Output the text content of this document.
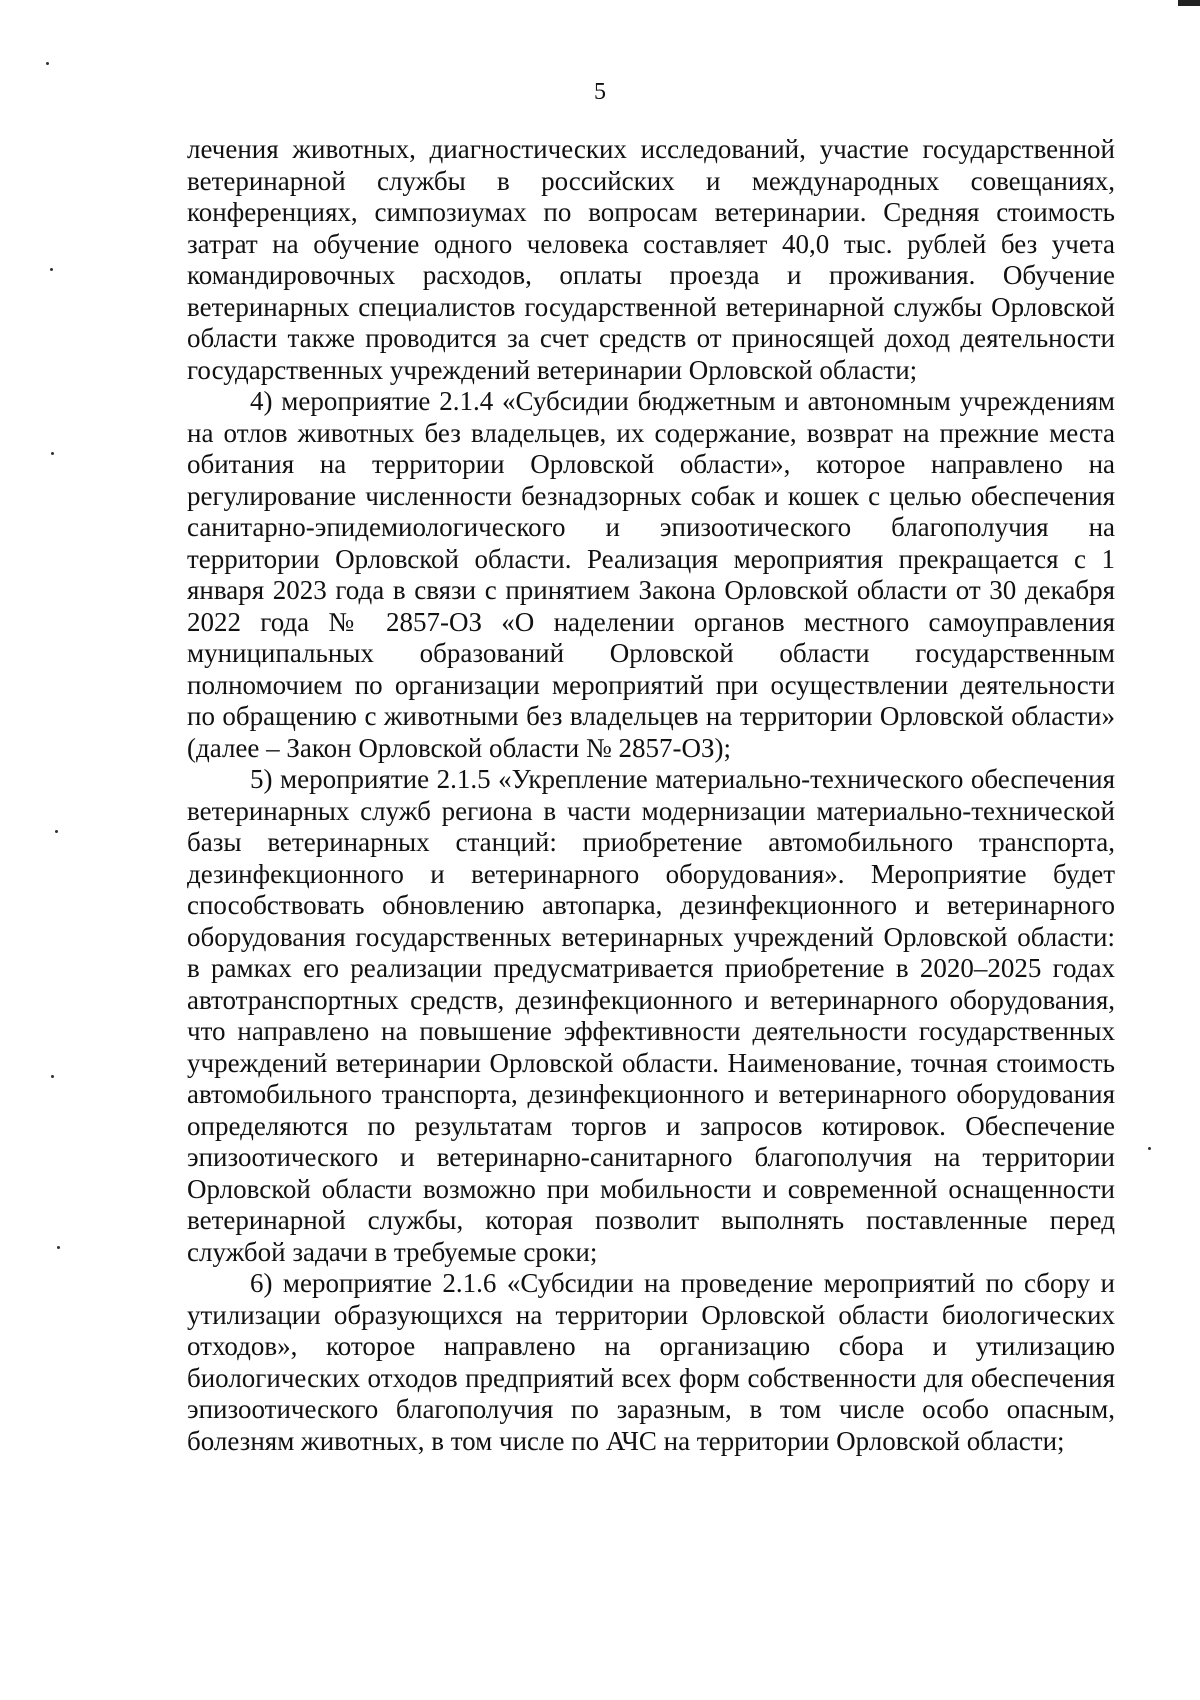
5

лечения животных, диагностических исследований, участие государственной ветеринарной службы в российских и международных совещаниях, конференциях, симпозиумах по вопросам ветеринарии. Средняя стоимость затрат на обучение одного человека составляет 40,0 тыс. рублей без учета командировочных расходов, оплаты проезда и проживания. Обучение ветеринарных специалистов государственной ветеринарной службы Орловской области также проводится за счет средств от приносящей доход деятельности государственных учреждений ветеринарии Орловской области;

4) мероприятие 2.1.4 «Субсидии бюджетным и автономным учреждениям на отлов животных без владельцев, их содержание, возврат на прежние места обитания на территории Орловской области», которое направлено на регулирование численности безнадзорных собак и кошек с целью обеспечения санитарно-эпидемиологического и эпизоотического благополучия на территории Орловской области. Реализация мероприятия прекращается с 1 января 2023 года в связи с принятием Закона Орловской области от 30 декабря 2022 года № 2857-ОЗ «О наделении органов местного самоуправления муниципальных образований Орловской области государственным полномочием по организации мероприятий при осуществлении деятельности по обращению с животными без владельцев на территории Орловской области» (далее – Закон Орловской области № 2857-ОЗ);

5) мероприятие 2.1.5 «Укрепление материально-технического обеспечения ветеринарных служб региона в части модернизации материально-технической базы ветеринарных станций: приобретение автомобильного транспорта, дезинфекционного и ветеринарного оборудования». Мероприятие будет способствовать обновлению автопарка, дезинфекционного и ветеринарного оборудования государственных ветеринарных учреждений Орловской области: в рамках его реализации предусматривается приобретение в 2020–2025 годах автотранспортных средств, дезинфекционного и ветеринарного оборудования, что направлено на повышение эффективности деятельности государственных учреждений ветеринарии Орловской области. Наименование, точная стоимость автомобильного транспорта, дезинфекционного и ветеринарного оборудования определяются по результатам торгов и запросов котировок. Обеспечение эпизоотического и ветеринарно-санитарного благополучия на территории Орловской области возможно при мобильности и современной оснащенности ветеринарной службы, которая позволит выполнять поставленные перед службой задачи в требуемые сроки;

6) мероприятие 2.1.6 «Субсидии на проведение мероприятий по сбору и утилизации образующихся на территории Орловской области биологических отходов», которое направлено на организацию сбора и утилизацию биологических отходов предприятий всех форм собственности для обеспечения эпизоотического благополучия по заразным, в том числе особо опасным, болезням животных, в том числе по АЧС на территории Орловской области;
